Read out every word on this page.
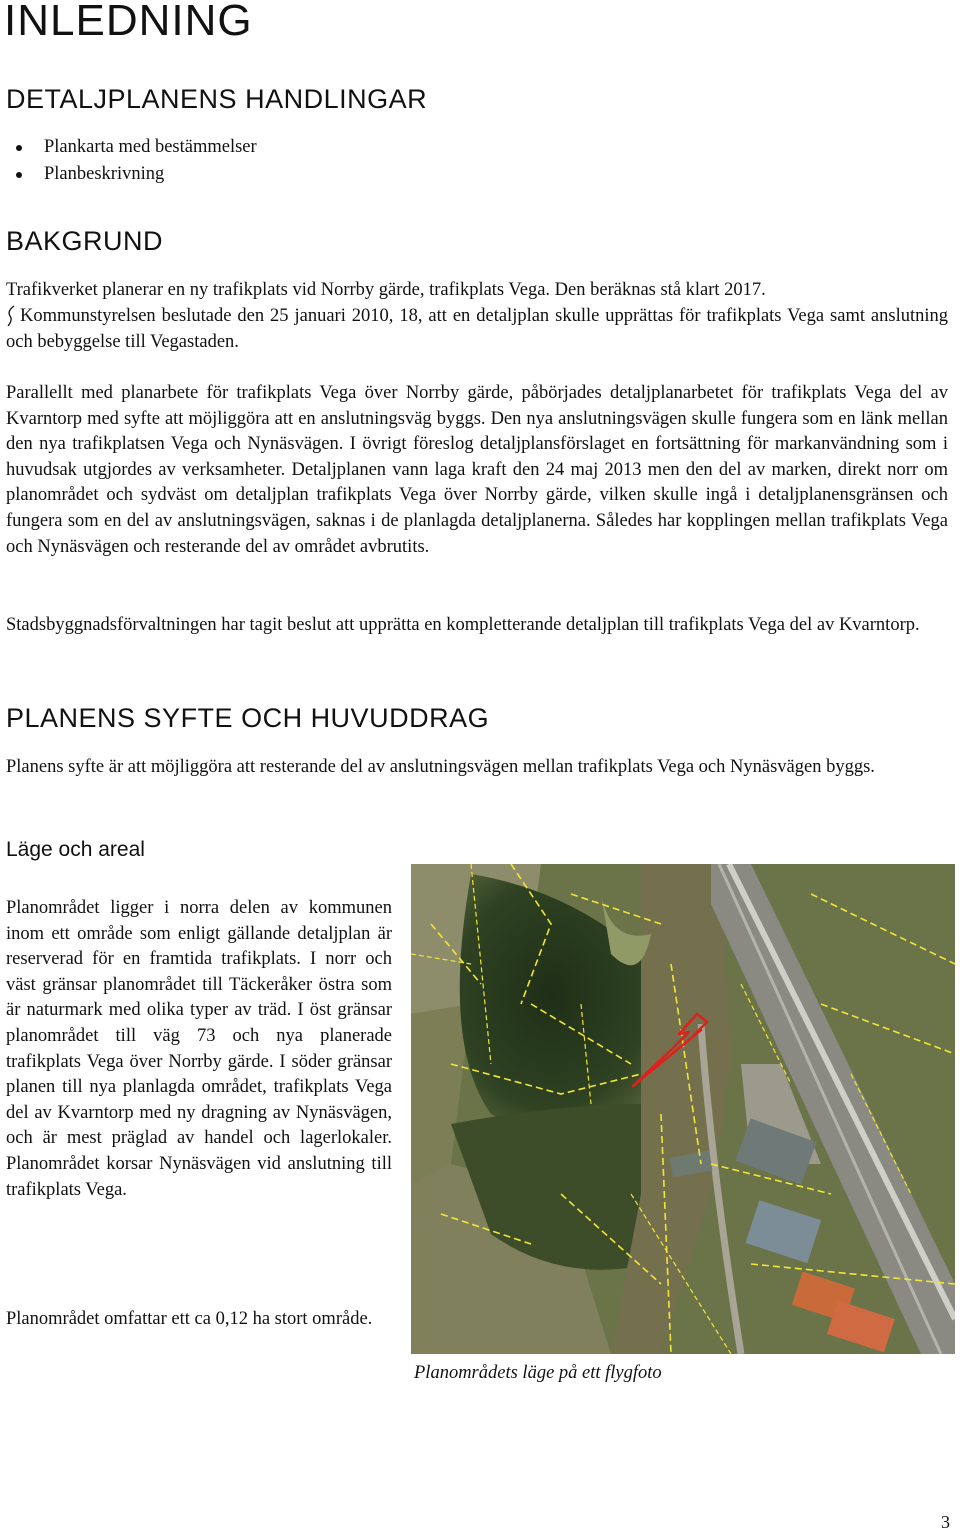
INLEDNING
DETALJPLANENS HANDLINGAR
Plankarta med bestämmelser
Planbeskrivning
BAKGRUND

Trafikverket planerar en ny trafikplats vid Norrby gärde, trafikplats Vega. Den beräknas stå klart 2017.

Kommunstyrelsen beslutade den 25 januari 2010, 18, att en detaljplan skulle upprättas för trafikplats Vega samt anslutning och bebyggelse till Vegastaden.

Parallellt med planarbete för trafikplats Vega över Norrby gärde, påbörjades detaljplanarbetet för trafikplats Vega del av Kvarntorp med syfte att möjliggöra att en anslutningsväg byggs. Den nya anslutningsvägen skulle fungera som en länk mellan den nya trafikplatsen Vega och Nynäsvägen. I övrigt föreslog detaljplansförslaget en fortsättning för markanvändning som i huvudsak utgjordes av verksamheter. Detaljplanen vann laga kraft den 24 maj 2013 men den del av marken, direkt norr om planområdet och sydväst om detaljplan trafikplats Vega över Norrby gärde, vilken skulle ingå i detaljplanensgränsen och fungera som en del av anslutningsvägen, saknas i de planlagda detaljplanerna. Således har kopplingen mellan trafikplats Vega och Nynäsvägen och resterande del av området avbrutits.

Stadsbyggnadsförvaltningen har tagit beslut att upprätta en kompletterande detaljplan till trafikplats Vega del av Kvarntorp.

PLANENS SYFTE OCH HUVUDDRAG

Planens syfte är att möjliggöra att resterande del av anslutningsvägen mellan trafikplats Vega och Nynäsvägen byggs.

Läge och areal

Planområdet ligger i norra delen av kommunen inom ett område som enligt gällande detaljplan är reserverad för en framtida trafikplats. I norr och väst gränsar planområdet till Täckeråker östra som är naturmark med olika typer av träd. I öst gränsar planområdet till väg 73 och nya planerade trafikplats Vega över Norrby gärde. I söder gränsar planen till nya planlagda området, trafikplats Vega del av Kvarntorp med ny dragning av Nynäsvägen, och är mest präglad av handel och lagerlokaler. Planområdet korsar Nynäsvägen vid anslutning till trafikplats Vega.

Planområdet omfattar ett ca 0,12 ha stort område.

Planområdets läge på ett flygfoto

3
